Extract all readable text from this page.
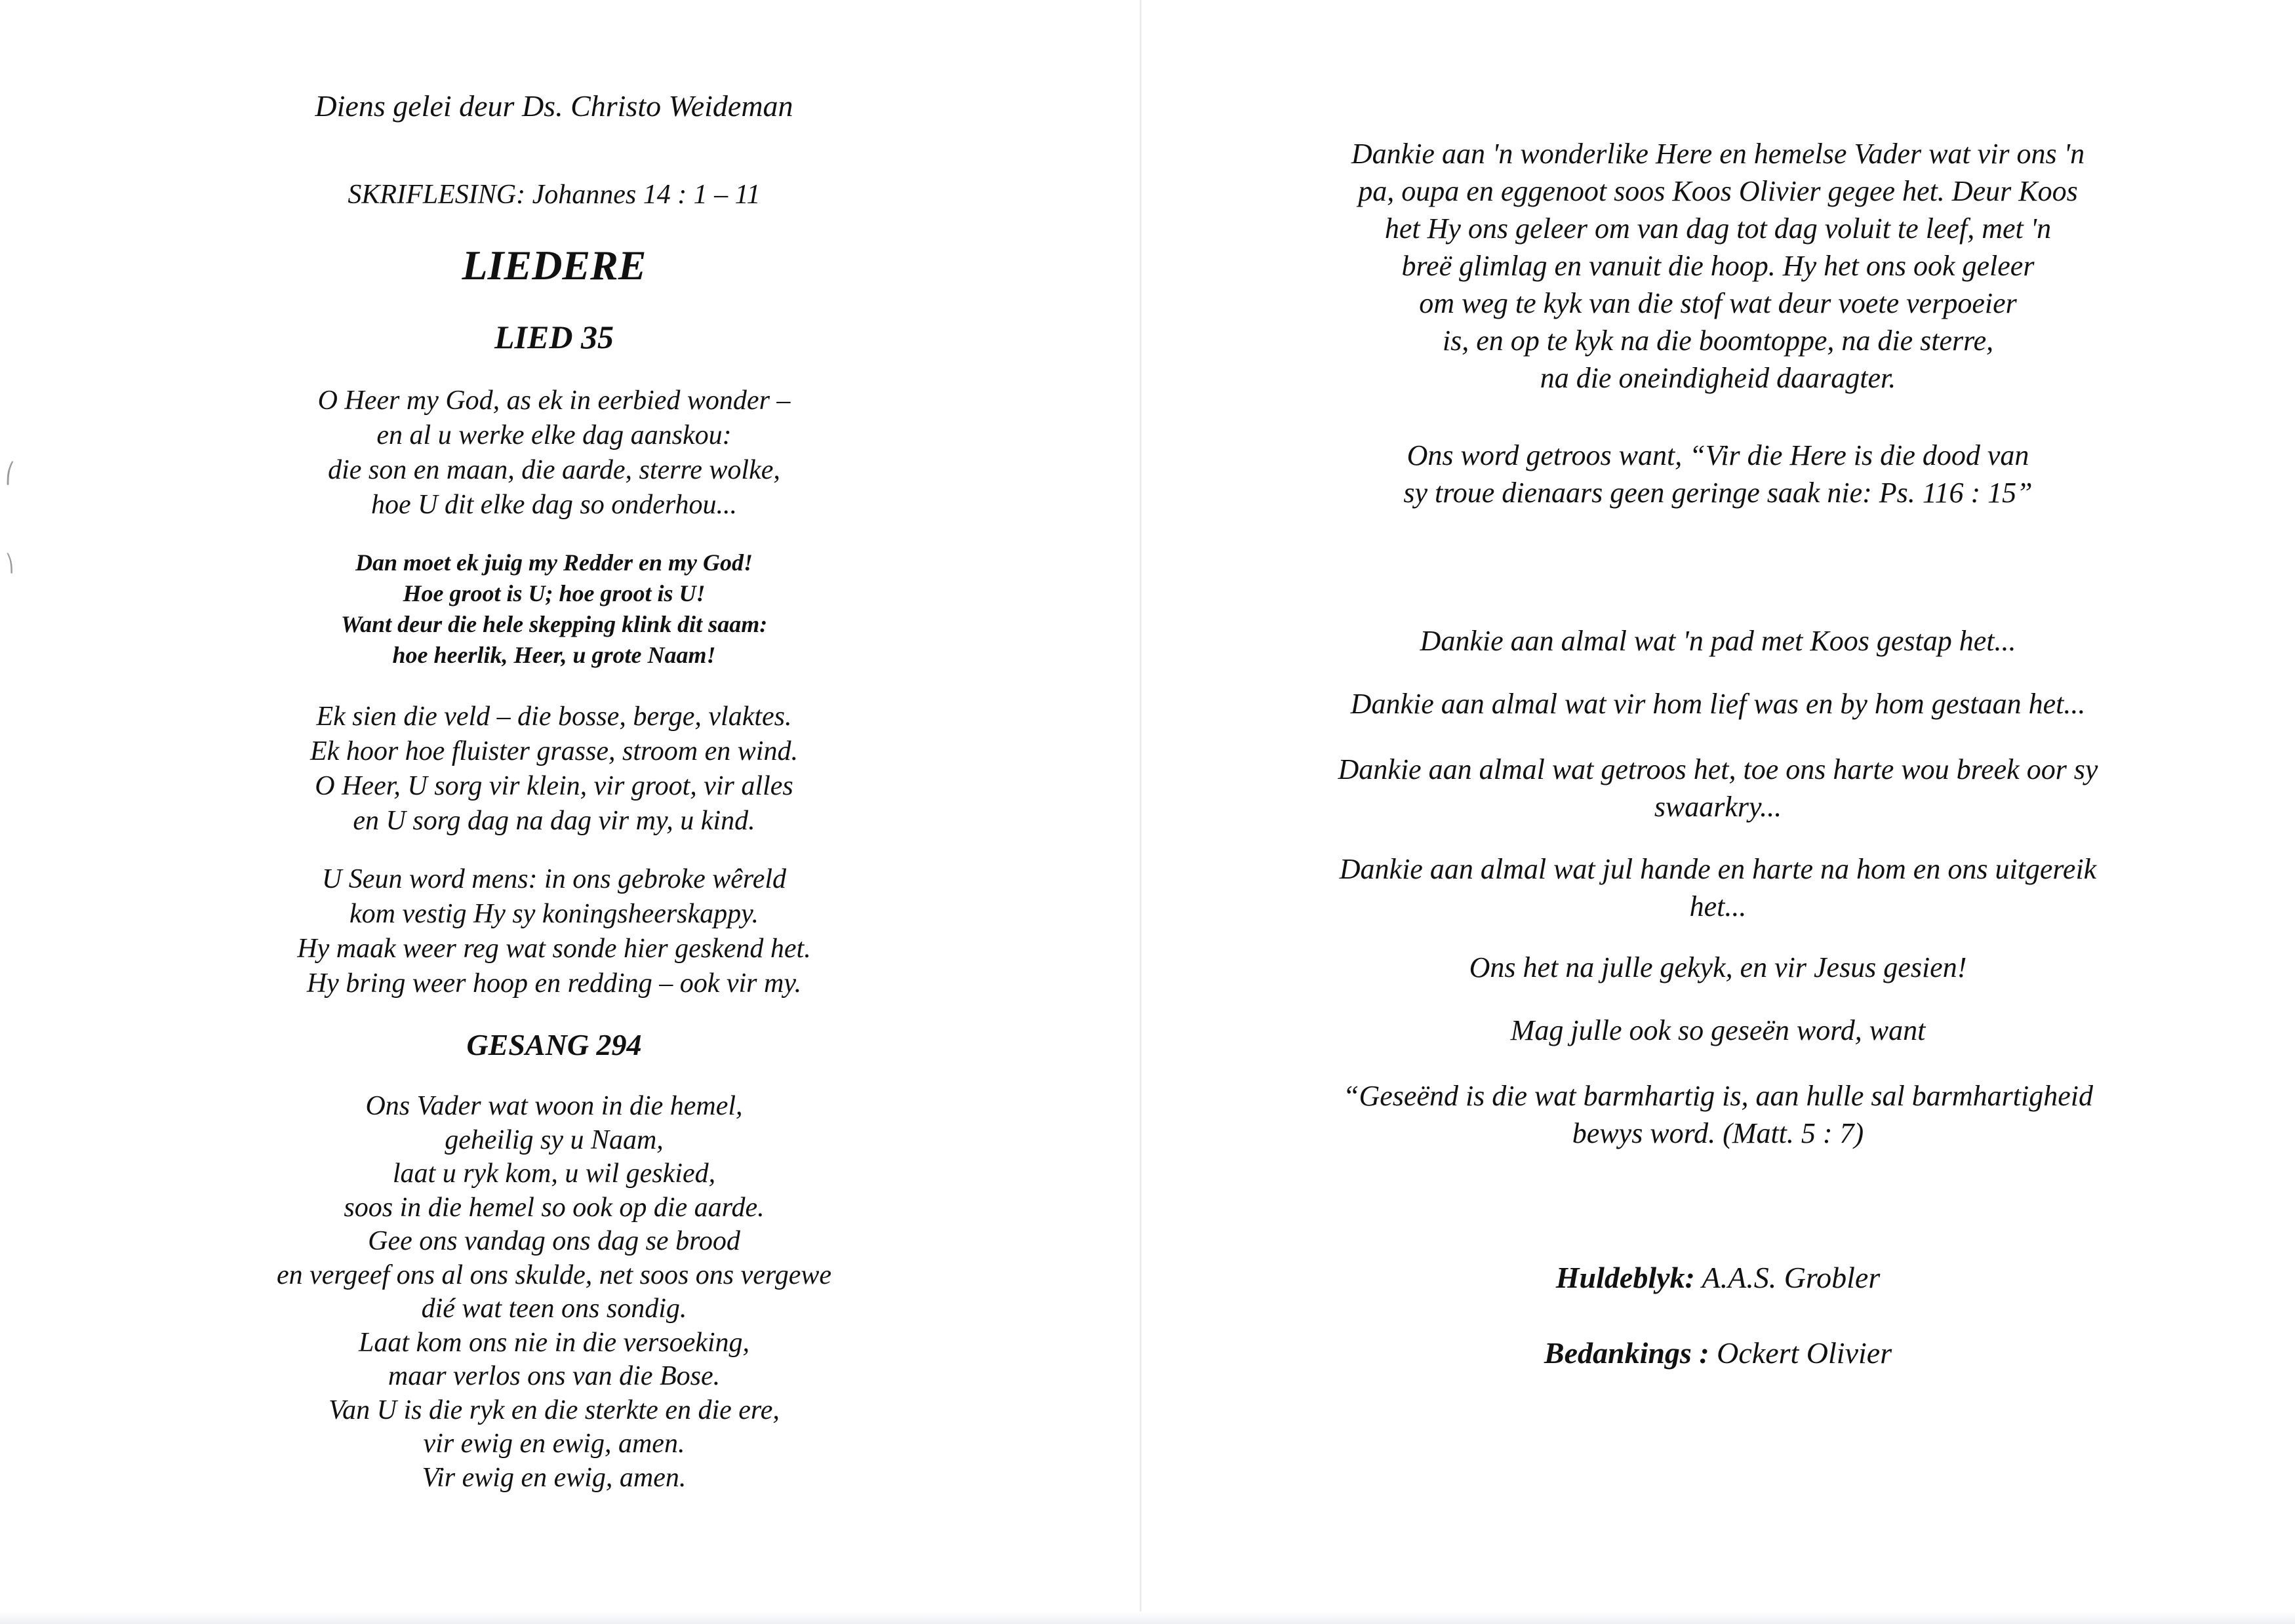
Diens gelei deur Ds. Christo Weideman
SKRIFLESING: Johannes 14 : 1 – 11
LIEDERE
LIED 35
O Heer my God, as ek in eerbied wonder –
en al u werke elke dag aanskou:
die son en maan, die aarde, sterre wolke,
hoe U dit elke dag so onderhou...
Dan moet ek juig my Redder en my God!
Hoe groot is U; hoe groot is U!
Want deur die hele skepping klink dit saam:
hoe heerlik, Heer, u grote Naam!
Ek sien die veld – die bosse, berge, vlaktes.
Ek hoor hoe fluister grasse, stroom en wind.
O Heer, U sorg vir klein, vir groot, vir alles
en U sorg dag na dag vir my, u kind.
U Seun word mens: in ons gebroke wêreld
kom vestig Hy sy koningsheerskappy.
Hy maak weer reg wat sonde hier geskend het.
Hy bring weer hoop en redding – ook vir my.
GESANG 294
Ons Vader wat woon in die hemel,
geheilig sy u Naam,
laat u ryk kom, u wil geskied,
soos in die hemel so ook op die aarde.
Gee ons vandag ons dag se brood
en vergeef ons al ons skulde, net soos ons vergewe
dié wat teen ons sondig.
Laat kom ons nie in die versoeking,
maar verlos ons van die Bose.
Van U is die ryk en die sterkte en die ere,
vir ewig en ewig, amen.
Vir ewig en ewig, amen.
⎛
⎞
Dankie aan 'n wonderlike Here en hemelse Vader wat vir ons 'n
pa, oupa en eggenoot soos Koos Olivier gegee het. Deur Koos
het Hy ons geleer om van dag tot dag voluit te leef, met 'n
breë glimlag en vanuit die hoop. Hy het ons ook geleer
om weg te kyk van die stof wat deur voete verpoeier
is, en op te kyk na die boomtoppe, na die sterre,
na die oneindigheid daaragter.
Ons word getroos want, “Vir die Here is die dood van
sy troue dienaars geen geringe saak nie: Ps. 116 : 15”
Dankie aan almal wat 'n pad met Koos gestap het...
Dankie aan almal wat vir hom lief was en by hom gestaan het...
Dankie aan almal wat getroos het, toe ons harte wou breek oor sy
swaarkry...
Dankie aan almal wat jul hande en harte na hom en ons uitgereik
het...
Ons het na julle gekyk, en vir Jesus gesien!
Mag julle ook so geseën word, want
“Geseënd is die wat barmhartig is, aan hulle sal barmhartigheid
bewys word. (Matt. 5 : 7)
Huldeblyk: A.A.S. Grobler
Bedankings : Ockert Olivier
